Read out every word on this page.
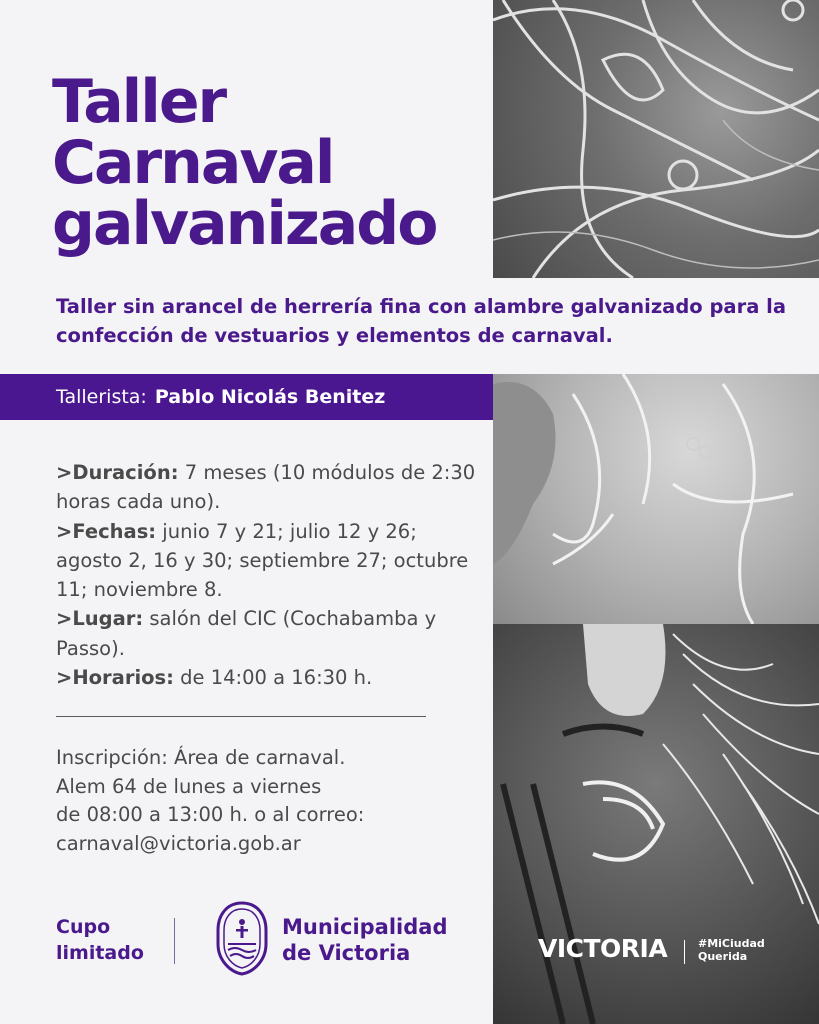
Taller
Carnaval
galvanizado
Taller sin arancel de herrería fina con alambre galvanizado para la confección de vestuarios y elementos de carnaval.
Tallerista: Pablo Nicolás Benitez
>Duración: 7 meses (10 módulos de 2:30 horas cada uno).
>Fechas: junio 7 y 21; julio 12 y 26; agosto 2, 16 y 30; septiembre 27; octubre 11; noviembre 8.
>Lugar: salón del CIC (Cochabamba y Passo).
>Horarios: de 14:00 a 16:30 h.
Inscripción: Área de carnaval.
Alem 64 de lunes a viernes
de 08:00 a 13:00 h. o al correo:
carnaval@victoria.gob.ar
Cupo
limitado
Municipalidad
de Victoria	VICTORIA	#MiCiudad
Querida
